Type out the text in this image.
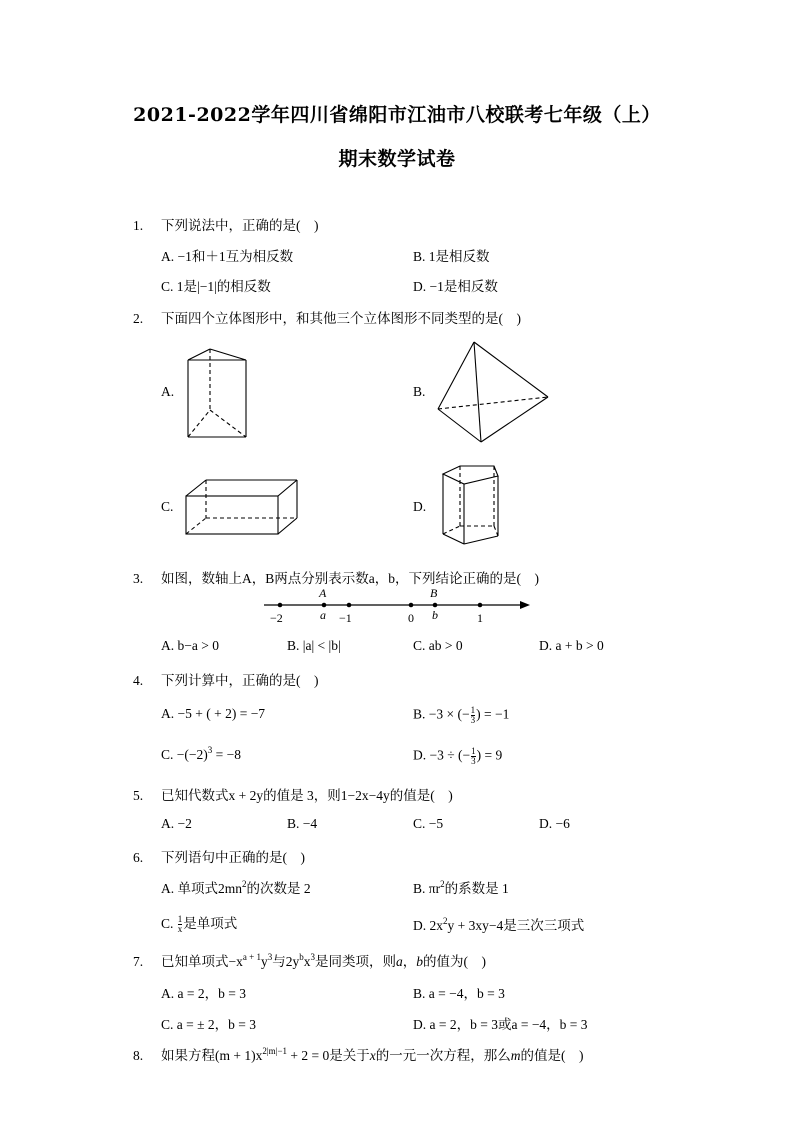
2021-2022学年四川省绵阳市江油市八校联考七年级（上）
期末数学试卷
1. 下列说法中，正确的是(　)
A. −1和＋1互为相反数	B. 1是相反数
C. 1是|−1|的相反数	D. −1是相反数
2. 下面四个立体图形中，和其他三个立体图形不同类型的是(　)
A.	B.
C.	D.
3. 如图，数轴上A，B两点分别表示数a，b，下列结论正确的是(　)
A	B
a	b
−2	−1	0	1
A. b−a > 0	B. |a| < |b|	C. ab > 0	D. a + b > 0
4. 下列计算中，正确的是(　)
A. −5 + ( + 2) = −7	B. −3 × (− $\frac{1}{3}$ ) = −1
C. $-(-2)^3 = -8$	D. −3 ÷ (− $\frac{1}{3}$ ) = 9
5. 已知代数式x + 2y的值是 3，则1−2x−4y的值是(　)
A. −2	B. −4	C. −5	D. −6
6. 下列语句中正确的是(　)
A. 单项式$2mn^2$的次数是 2	B. $\pi r^2$的系数是 1
C. $\frac{1}{x}$ 是单项式	D. $2x^2y + 3xy-4$是三次三项式
7. 已知单项式$-x^{a + 1}y^3$与$2y^bx^3$是同类项，则a，b的值为(　)
A. a = 2，b = 3	B. a = −4，b = 3
C. a = ± 2，b = 3	D. a = 2，b = 3或a = −4，b = 3
8. 如果方程$(m + 1)x^{2|m|-1} + 2 = 0$是关于x的一元一次方程，那么m的值是(　)
